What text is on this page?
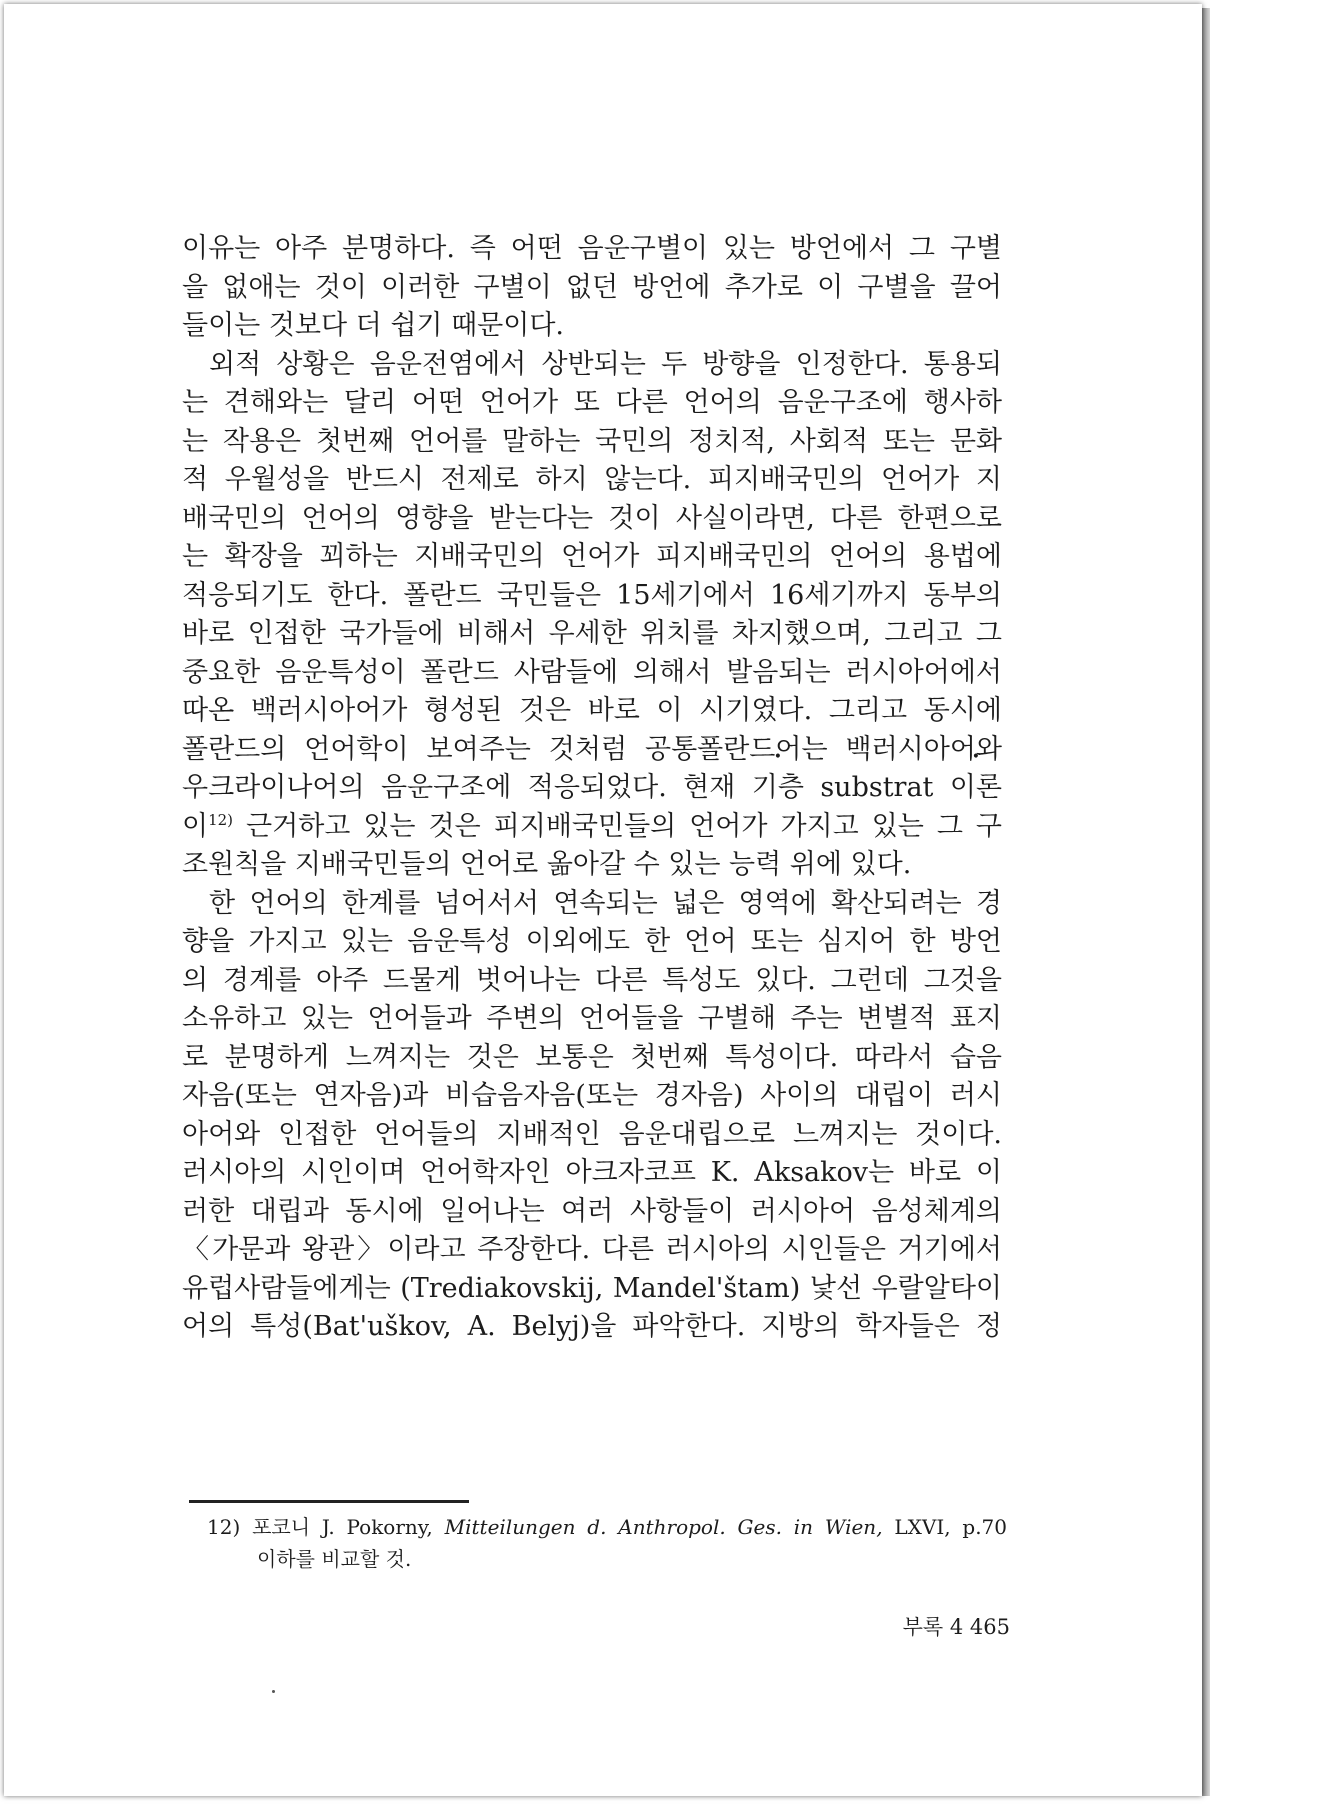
이유는 아주 분명하다. 즉 어떤 음운구별이 있는 방언에서 그 구별
을 없애는 것이 이러한 구별이 없던 방언에 추가로 이 구별을 끌어
들이는 것보다 더 쉽기 때문이다.
외적 상황은 음운전염에서 상반되는 두 방향을 인정한다. 통용되
는 견해와는 달리 어떤 언어가 또 다른 언어의 음운구조에 행사하
는 작용은 첫번째 언어를 말하는 국민의 정치적, 사회적 또는 문화
적 우월성을 반드시 전제로 하지 않는다. 피지배국민의 언어가 지
배국민의 언어의 영향을 받는다는 것이 사실이라면, 다른 한편으로
는 확장을 꾀하는 지배국민의 언어가 피지배국민의 언어의 용법에
적응되기도 한다. 폴란드 국민들은 15세기에서 16세기까지 동부의
바로 인접한 국가들에 비해서 우세한 위치를 차지했으며, 그리고 그
중요한 음운특성이 폴란드 사람들에 의해서 발음되는 러시아어에서
따온 백러시아어가 형성된 것은 바로 이 시기였다. 그리고 동시에
폴란드의 언어학이 보여주는 것처럼 공통폴란드어는 백러시아어와
우크라이나어의 음운구조에 적응되었다. 현재 기층 substrat 이론
이$^{12)}$ 근거하고 있는 것은 피지배국민들의 언어가 가지고 있는 그 구
조원칙을 지배국민들의 언어로 옮아갈 수 있는 능력 위에 있다.
한 언어의 한계를 넘어서서 연속되는 넓은 영역에 확산되려는 경
향을 가지고 있는 음운특성 이외에도 한 언어 또는 심지어 한 방언
의 경계를 아주 드물게 벗어나는 다른 특성도 있다. 그런데 그것을
소유하고 있는 언어들과 주변의 언어들을 구별해 주는 변별적 표지
로 분명하게 느껴지는 것은 보통은 첫번째 특성이다. 따라서 습음
자음(또는 연자음)과 비습음자음(또는 경자음) 사이의 대립이 러시
아어와 인접한 언어들의 지배적인 음운대립으로 느껴지는 것이다.
러시아의 시인이며 언어학자인 아크자코프 K. Aksakov는 바로 이
러한 대립과 동시에 일어나는 여러 사항들이 러시아어 음성체계의
〈가문과 왕관〉이라고 주장한다. 다른 러시아의 시인들은 거기에서
유럽사람들에게는 (Trediakovskij, Mandel'štam) 낯선 우랄알타이
어의 특성(Bat'uškov, A. Belyj)을 파악한다. 지방의 학자들은 정
12) 포코니 J. Pokorny, Mitteilungen d. Anthropol. Ges. in Wien, LXVI, p.70
이하를 비교할 것.
부록 4 465
